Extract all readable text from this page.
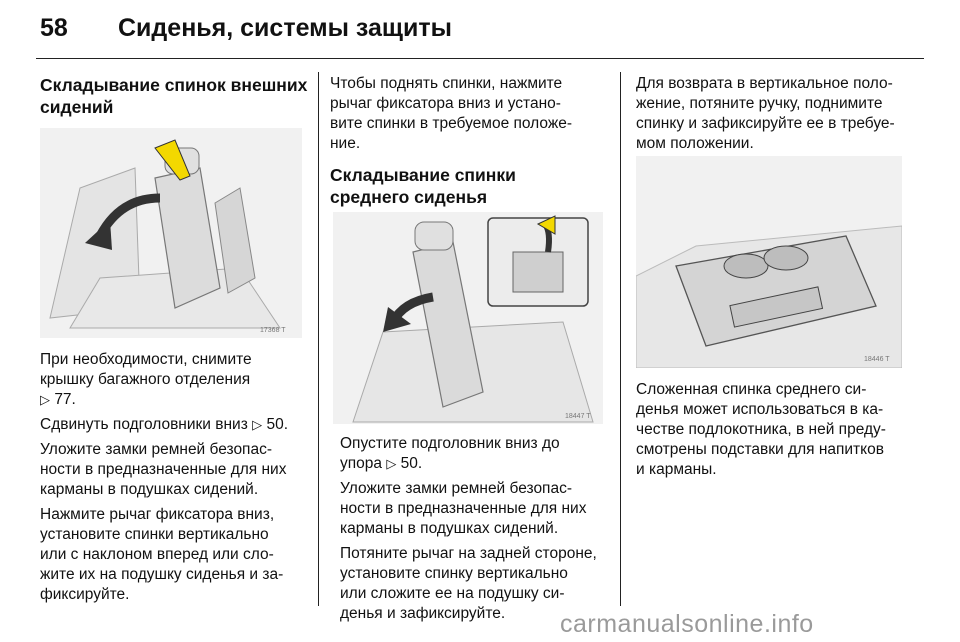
58 Сиденья, системы защиты
Складывание спинок внешних
сидений
17368 T

При необходимости, снимите
крышку багажного отделения
▷ 77.

Сдвинуть подголовники вниз ▷ 50.

Уложите замки ремней безопас-
ности в предназначенные для них
карманы в подушках сидений.

Нажмите рычаг фиксатора вниз,
установите спинки вертикально
или с наклоном вперед или сло-
жите их на подушку сиденья и за-
фиксируйте.

Чтобы поднять спинки, нажмите
рычаг фиксатора вниз и устано-
вите спинки в требуемое положе-
ние.

Складывание спинки
среднего сиденья
18447 T

Опустите подголовник вниз до
упора ▷ 50.

Уложите замки ремней безопас-
ности в предназначенные для них
карманы в подушках сидений.

Потяните рычаг на задней стороне,
установите спинку вертикально
или сложите ее на подушку си-
денья и зафиксируйте.

Для возврата в вертикальное поло-
жение, потяните ручку, поднимите
спинку и зафиксируйте ее в требуе-
мом положении.

18446 T

Сложенная спинка среднего си-
денья может использоваться в ка-
честве подлокотника, в ней преду-
смотрены подставки для напитков
и карманы.

carmanualsonline.info
